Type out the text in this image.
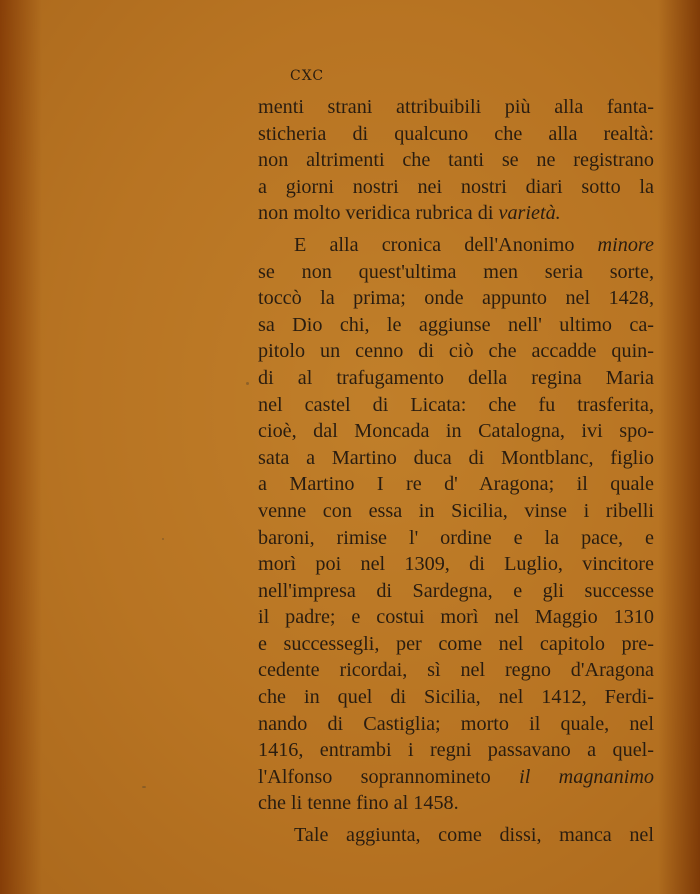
CXC
menti strani attribuibili più alla fanta-
sticheria di qualcuno che alla realtà:
non altrimenti che tanti se ne registrano
a giorni nostri nei nostri diari sotto la
non molto veridica rubrica di varietà.
E alla cronica dell'Anonimo minore
se non quest'ultima men seria sorte,
toccò la prima; onde appunto nel 1428,
sa Dio chi, le aggiunse nell' ultimo ca-
pitolo un cenno di ciò che accadde quin-
di al trafugamento della regina Maria
nel castel di Licata: che fu trasferita,
cioè, dal Moncada in Catalogna, ivi spo-
sata a Martino duca di Montblanc, figlio
a Martino I re d' Aragona; il quale
venne con essa in Sicilia, vinse i ribelli
baroni, rimise l' ordine e la pace, e
morì poi nel 1309, di Luglio, vincitore
nell'impresa di Sardegna, e gli successe
il padre; e costui morì nel Maggio 1310
e successegli, per come nel capitolo pre-
cedente ricordai, sì nel regno d'Aragona
che in quel di Sicilia, nel 1412, Ferdi-
nando di Castiglia; morto il quale, nel
1416, entrambi i regni passavano a quel-
l'Alfonso soprannomineto il magnanimo
che li tenne fino al 1458.
Tale aggiunta, come dissi, manca nel
